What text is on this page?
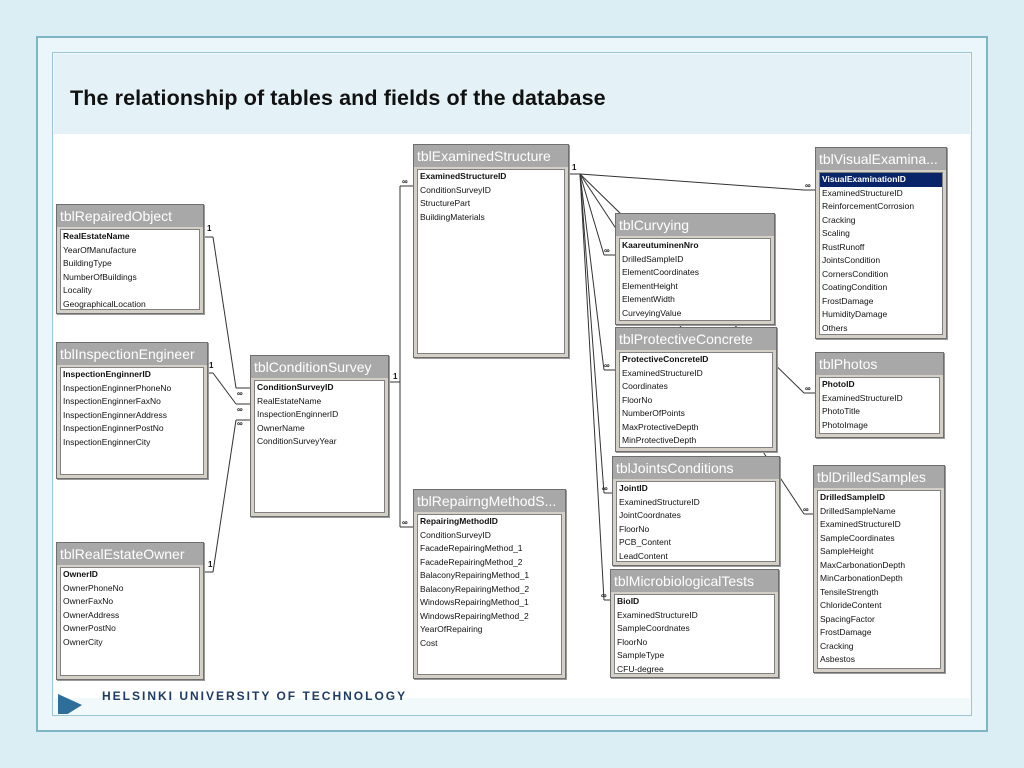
The relationship of tables and fields of the database
HELSINKI UNIVERSITY OF TECHNOLOGY
1
1
1
∞
∞
∞
1
∞
∞
1
∞
∞
∞
∞
∞
∞
∞
tblRepairedObject
RealEstateName
YearOfManufacture
BuildingType
NumberOfBuildings
Locality
GeographicalLocation
tblInspectionEngineer
InspectionEnginnerID
InspectionEnginnerPhoneNo
InspectionEnginnerFaxNo
InspectionEnginnerAddress
InspectionEnginnerPostNo
InspectionEnginnerCity
tblRealEstateOwner
OwnerID
OwnerPhoneNo
OwnerFaxNo
OwnerAddress
OwnerPostNo
OwnerCity
tblConditionSurvey
ConditionSurveyID
RealEstateName
InspectionEnginnerID
OwnerName
ConditionSurveyYear
tblExaminedStructure
ExaminedStructureID
ConditionSurveyID
StructurePart
BuildingMaterials
tblRepairngMethodS...
RepairingMethodID
ConditionSurveyID
FacadeRepairingMethod_1
FacadeRepairingMethod_2
BalaconyRepairingMethod_1
BalaconyRepairingMethod_2
WindowsRepairingMethod_1
WindowsRepairingMethod_2
YearOfRepairing
Cost
tblCurvying
KaareutuminenNro
DrilledSampleID
ElementCoordinates
ElementHeight
ElementWidth
CurveyingValue
tblProtectiveConcrete
ProtectiveConcreteID
ExaminedStructureID
Coordinates
FloorNo
NumberOfPoints
MaxProtectiveDepth
MinProtectiveDepth
tblJointsConditions
JointID
ExaminedStructureID
JointCoordnates
FloorNo
PCB_Content
LeadContent
tblMicrobiologicalTests
BioID
ExaminedStructureID
SampleCoordnates
FloorNo
SampleType
CFU-degree
tblVisualExamina...
VisualExaminationID
ExaminedStructureID
ReinforcementCorrosion
Cracking
Scaling
RustRunoff
JointsCondition
CornersCondition
CoatingCondition
FrostDamage
HumidityDamage
Others
tblPhotos
PhotoID
ExaminedStructureID
PhotoTitle
PhotoImage
tblDrilledSamples
DrilledSampleID
DrilledSampleName
ExaminedStructureID
SampleCoordinates
SampleHeight
MaxCarbonationDepth
MinCarbonationDepth
TensileStrength
ChlorideContent
SpacingFactor
FrostDamage
Cracking
Asbestos
